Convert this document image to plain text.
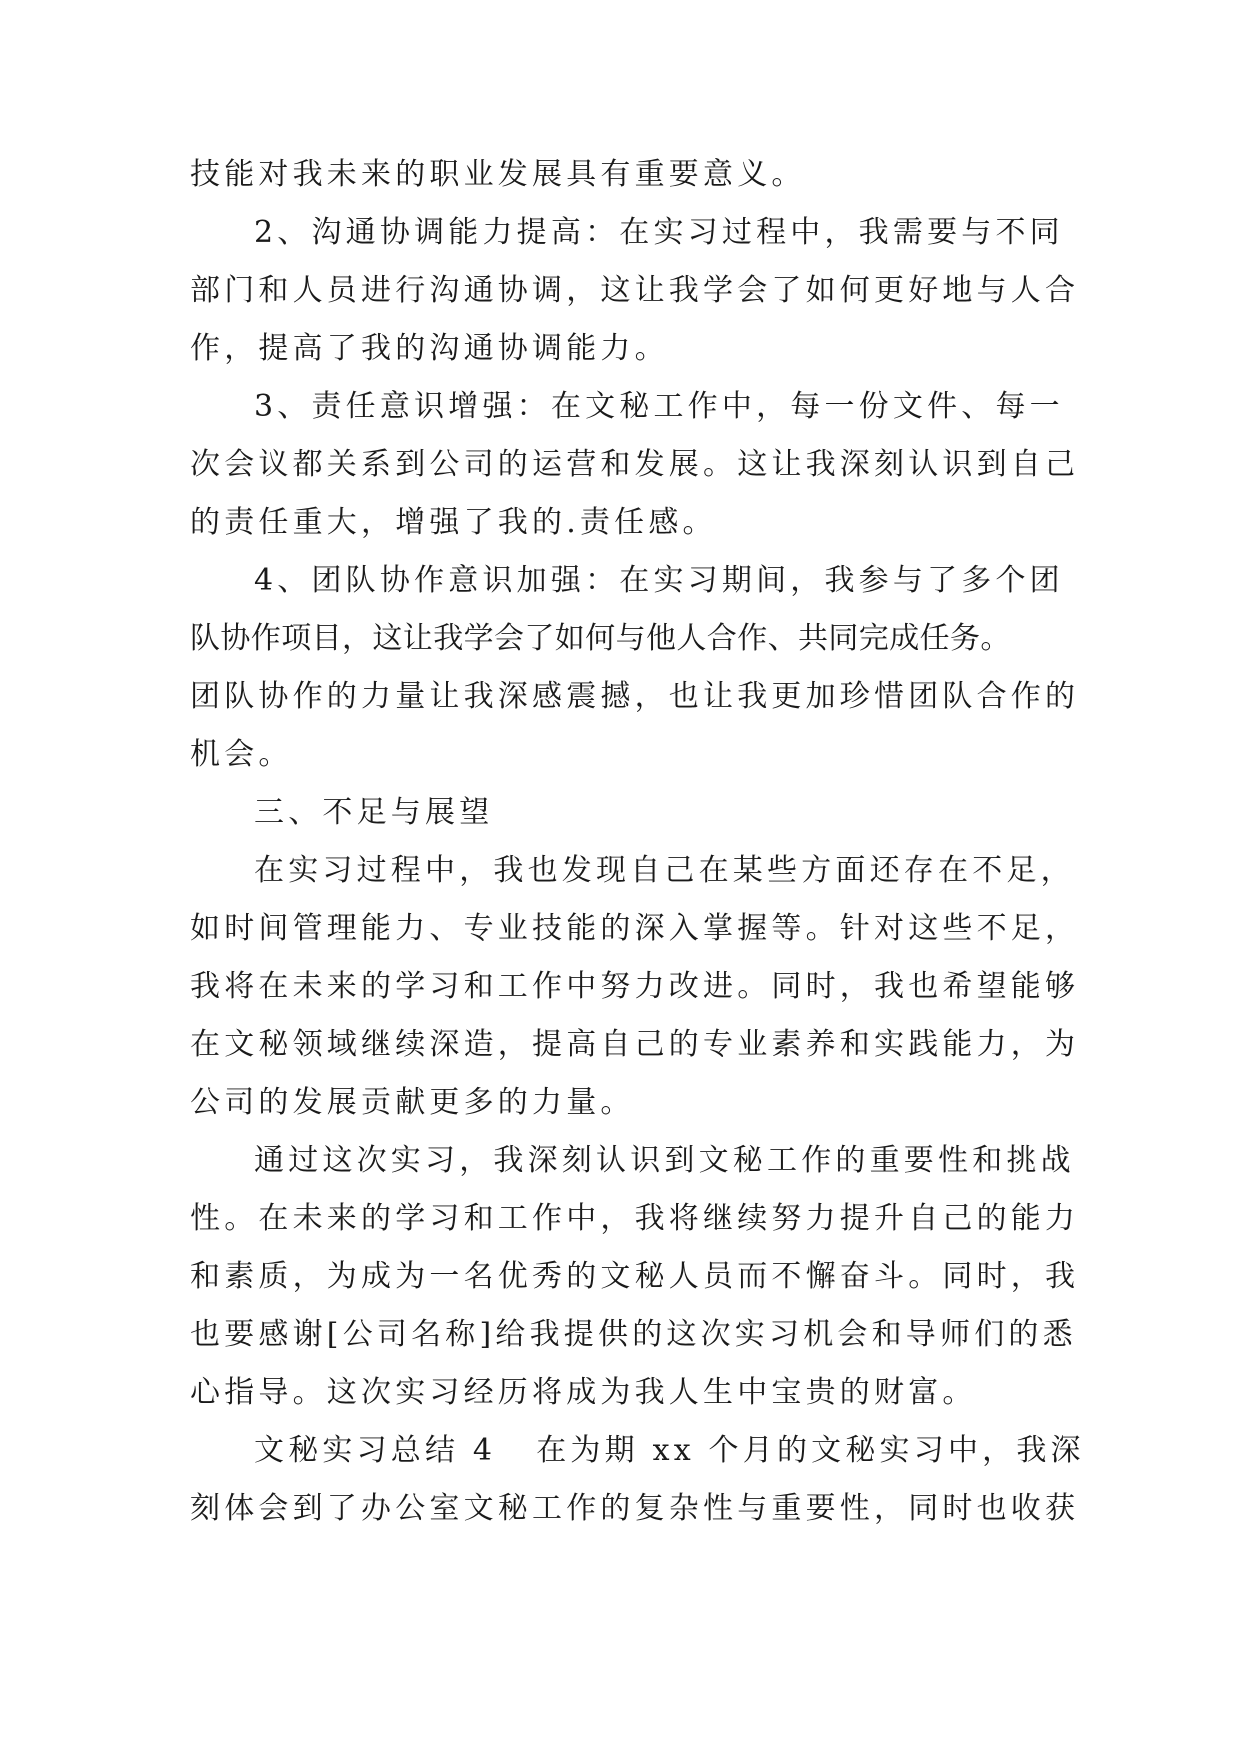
技能对我未来的职业发展具有重要意义。
2、沟通协调能力提高：在实习过程中，我需要与不同
部门和人员进行沟通协调，这让我学会了如何更好地与人合
作，提高了我的沟通协调能力。
3、责任意识增强：在文秘工作中，每一份文件、每一
次会议都关系到公司的运营和发展。这让我深刻认识到自己
的责任重大，增强了我的.责任感。
4、团队协作意识加强：在实习期间，我参与了多个团
队协作项目，这让我学会了如何与他人合作、共同完成任务。
团队协作的力量让我深感震撼，也让我更加珍惜团队合作的
机会。
三、不足与展望
在实习过程中，我也发现自己在某些方面还存在不足，
如时间管理能力、专业技能的深入掌握等。针对这些不足，
我将在未来的学习和工作中努力改进。同时，我也希望能够
在文秘领域继续深造，提高自己的专业素养和实践能力，为
公司的发展贡献更多的力量。
通过这次实习，我深刻认识到文秘工作的重要性和挑战
性。在未来的学习和工作中，我将继续努力提升自己的能力
和素质，为成为一名优秀的文秘人员而不懈奋斗。同时，我
也要感谢[公司名称]给我提供的这次实习机会和导师们的悉
心指导。这次实习经历将成为我人生中宝贵的财富。
文秘实习总结 4 在为期 xx 个月的文秘实习中，我深
刻体会到了办公室文秘工作的复杂性与重要性，同时也收获
